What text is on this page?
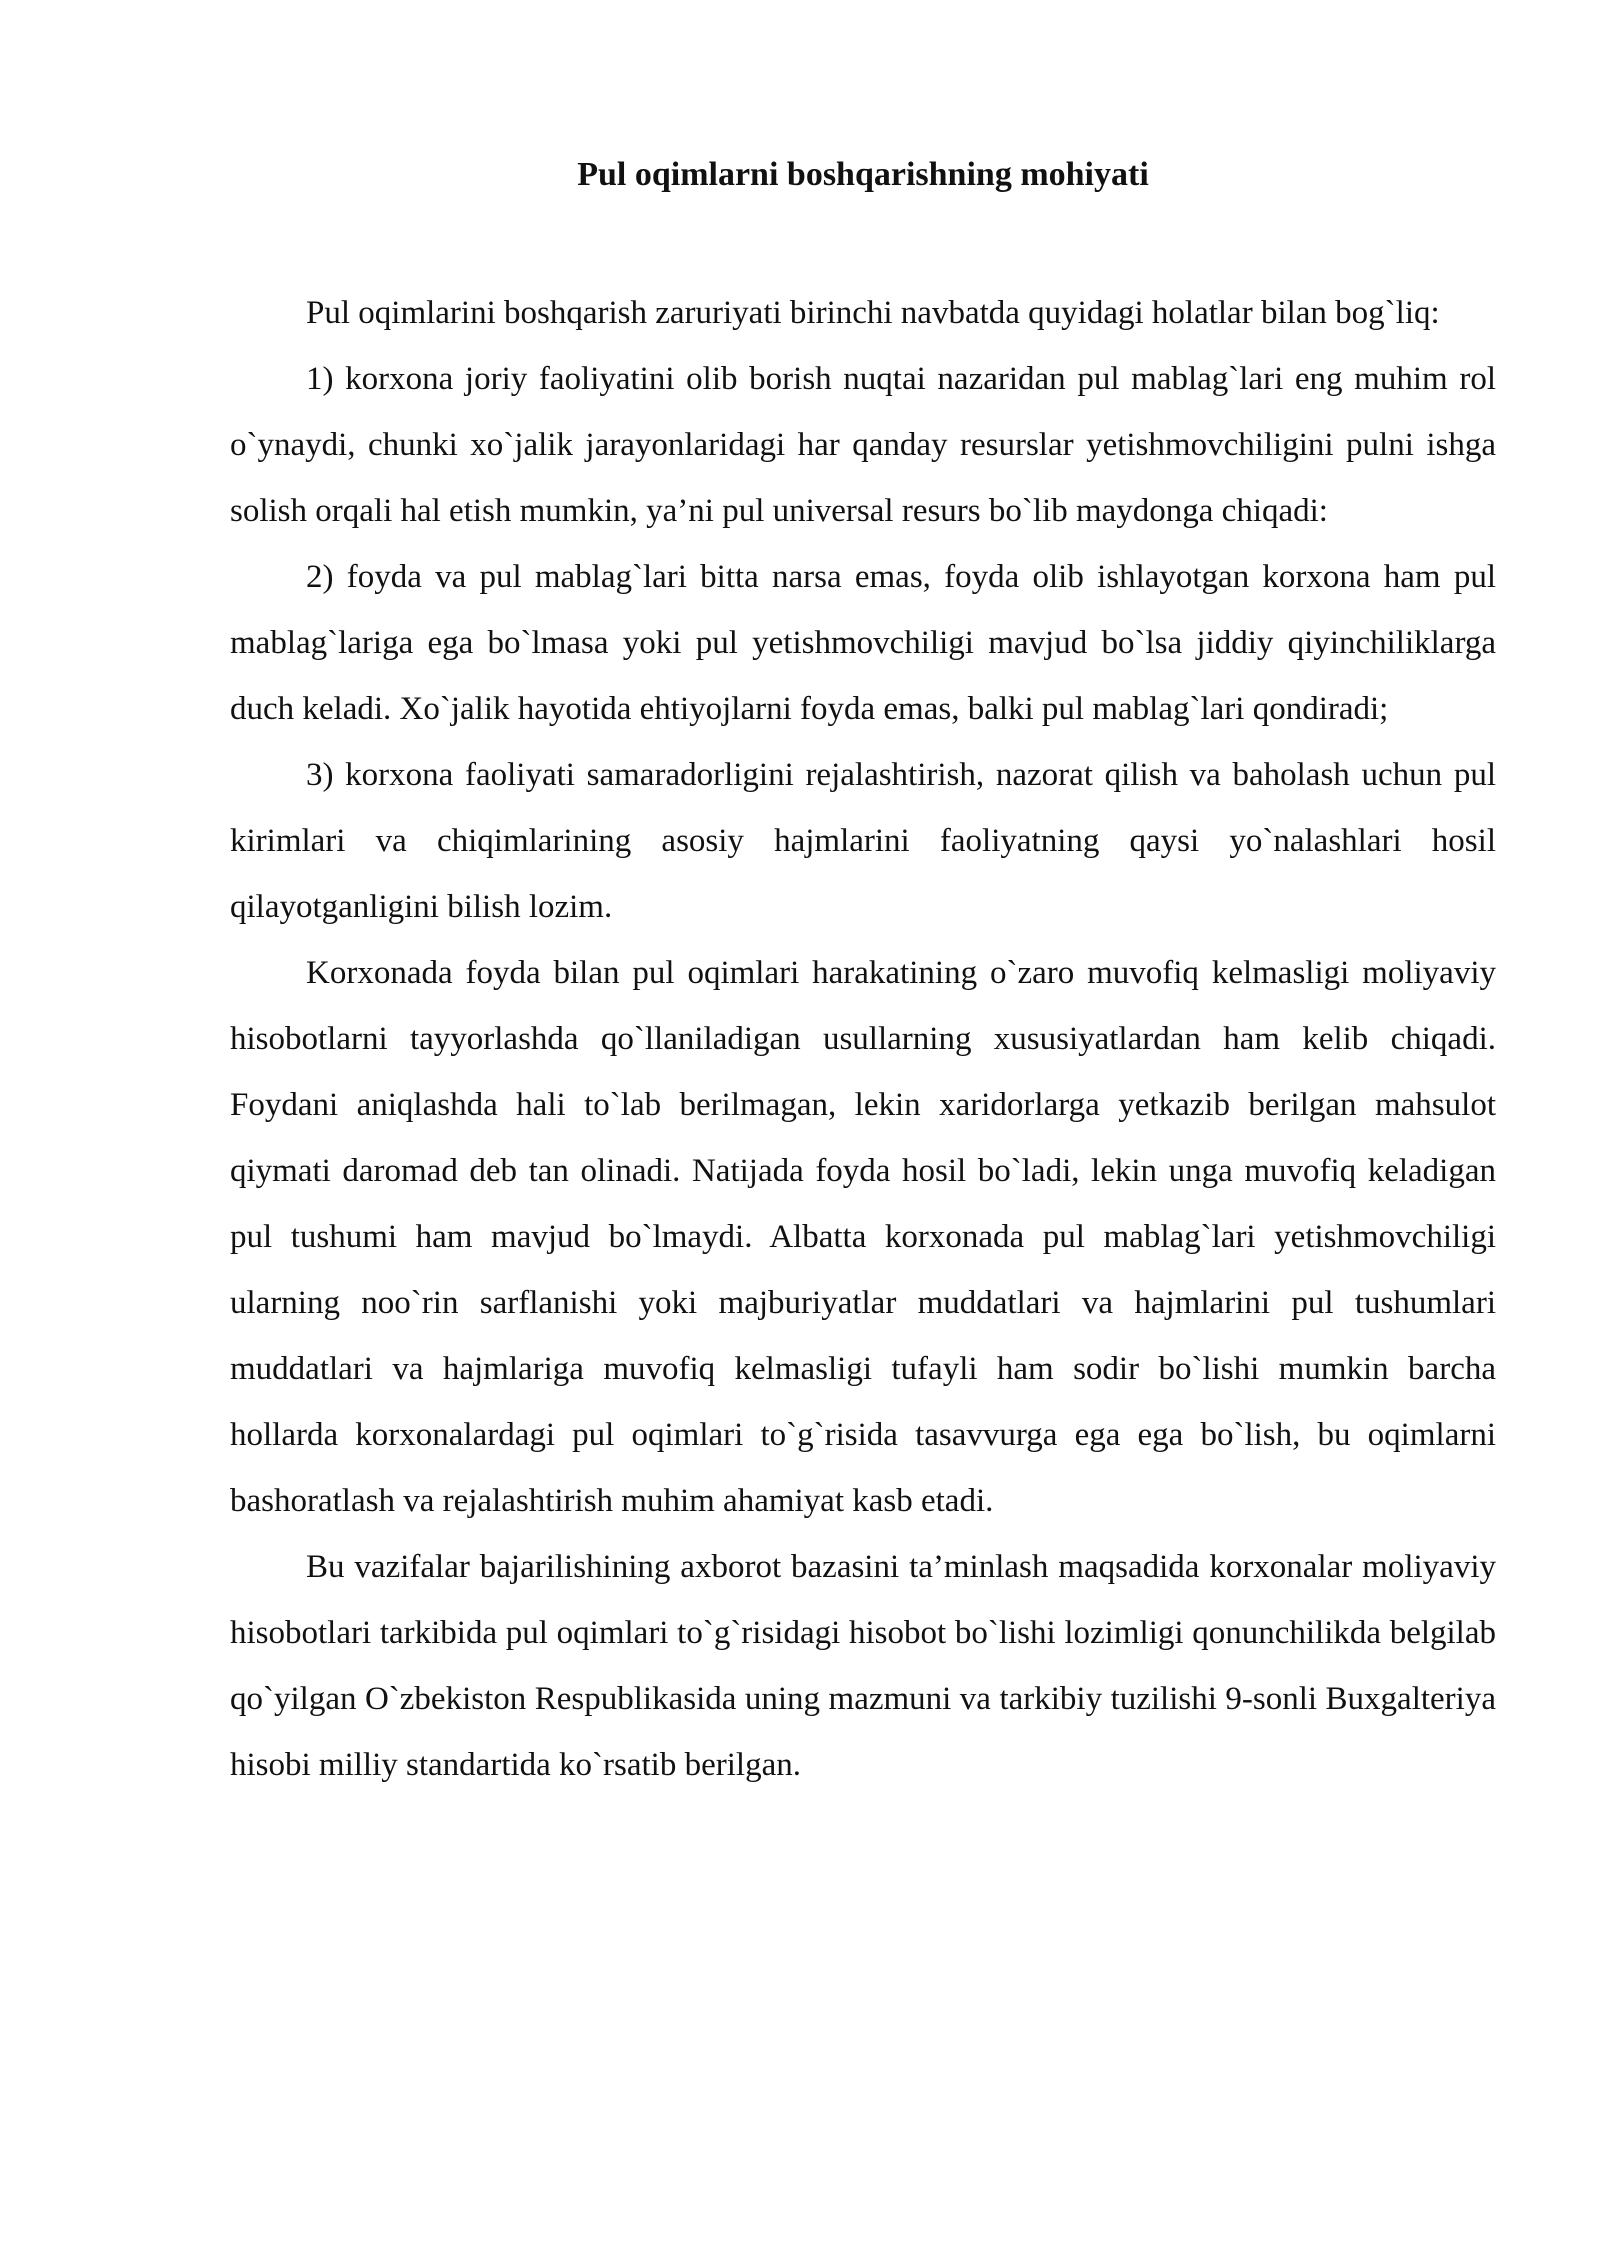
Pul oqimlarni boshqarishning mohiyati

Pul oqimlarini boshqarish zaruriyati birinchi navbatda quyidagi holatlar bilan bog`liq:

1) korxona joriy faoliyatini olib borish nuqtai nazaridan pul mablag`lari eng muhim rol o`ynaydi, chunki xo`jalik jarayonlaridagi har qanday resurslar yetishmovchiligini pulni ishga solish orqali hal etish mumkin, ya’ni pul universal resurs bo`lib maydonga chiqadi:

2) foyda va pul mablag`lari bitta narsa emas, foyda olib ishlayotgan korxona ham pul mablag`lariga ega bo`lmasa yoki pul yetishmovchiligi mavjud bo`lsa jiddiy qiyinchiliklarga duch keladi. Xo`jalik hayotida ehtiyojlarni foyda emas, balki pul mablag`lari qondiradi;

3) korxona faoliyati samaradorligini rejalashtirish, nazorat qilish va baholash uchun pul kirimlari va chiqimlarining asosiy hajmlarini faoliyatning qaysi yo`nalashlari hosil qilayotganligini bilish lozim.

Korxonada foyda bilan pul oqimlari harakatining o`zaro muvofiq kelmasligi moliyaviy hisobotlarni tayyorlashda qo`llaniladigan usullarning xususiyatlardan ham kelib chiqadi. Foydani aniqlashda hali to`lab berilmagan, lekin xaridorlarga yetkazib berilgan mahsulot qiymati daromad deb tan olinadi. Natijada foyda hosil bo`ladi, lekin unga muvofiq keladigan pul tushumi ham mavjud bo`lmaydi. Albatta korxonada pul mablag`lari yetishmovchiligi ularning noo`rin sarflanishi yoki majburiyatlar muddatlari va hajmlarini pul tushumlari muddatlari va hajmlariga muvofiq kelmasligi tufayli ham sodir bo`lishi mumkin barcha hollarda korxonalardagi pul oqimlari to`g`risida tasavvurga ega ega bo`lish, bu oqimlarni bashoratlash va rejalashtirish muhim ahamiyat kasb etadi.

Bu vazifalar bajarilishining axborot bazasini ta’minlash maqsadida korxonalar moliyaviy hisobotlari tarkibida pul oqimlari to`g`risidagi hisobot bo`lishi lozimligi qonunchilikda belgilab qo`yilgan O`zbekiston Respublikasida uning mazmuni va tarkibiy tuzilishi 9-sonli Buxgalteriya hisobi milliy standartida ko`rsatib berilgan.
